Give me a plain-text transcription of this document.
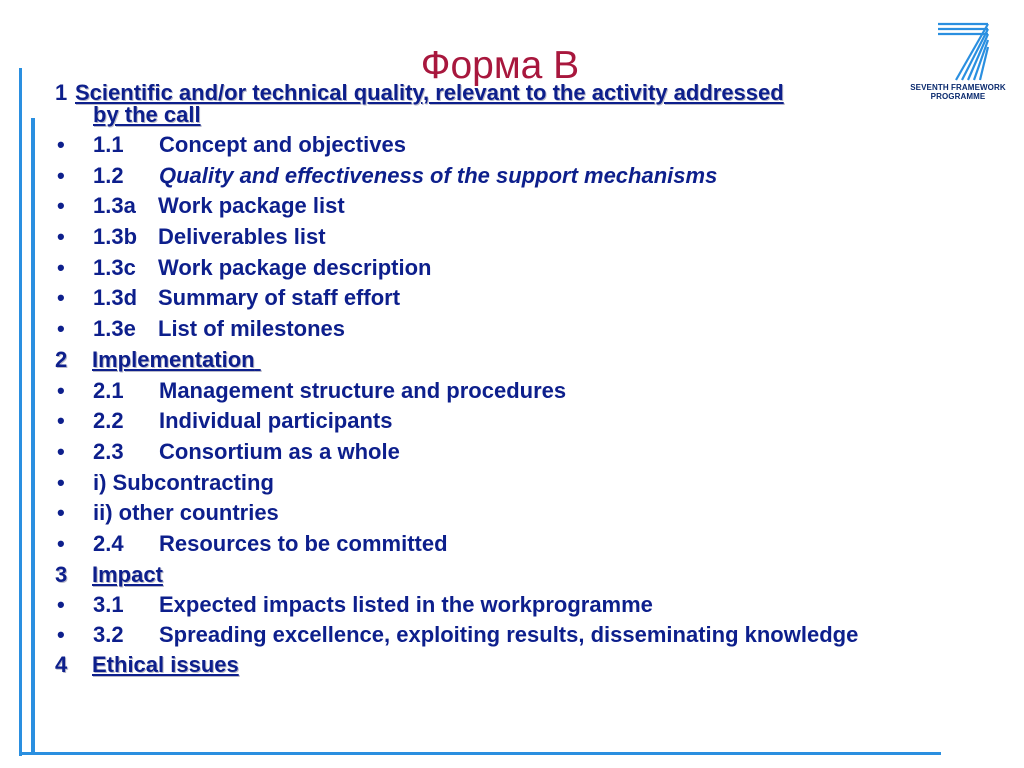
Форма B
SEVENTH FRAMEWORK
PROGRAMME
1 Scientific and/or technical quality, relevant to the activity addressed
by the call
• 1.1 Concept and objectives
• 1.2 Quality and effectiveness of the support mechanisms
• 1.3a Work package list
• 1.3b Deliverables list
• 1.3c Work package description
• 1.3d Summary of staff effort
• 1.3e List of milestones
2 Implementation
• 2.1 Management structure and procedures
• 2.2 Individual participants
• 2.3 Consortium as a whole
• i) Subcontracting
• ii) other countries
• 2.4 Resources to be committed
3 Impact
• 3.1 Expected impacts listed in the workprogramme
• 3.2 Spreading excellence, exploiting results, disseminating knowledge
4 Ethical issues
